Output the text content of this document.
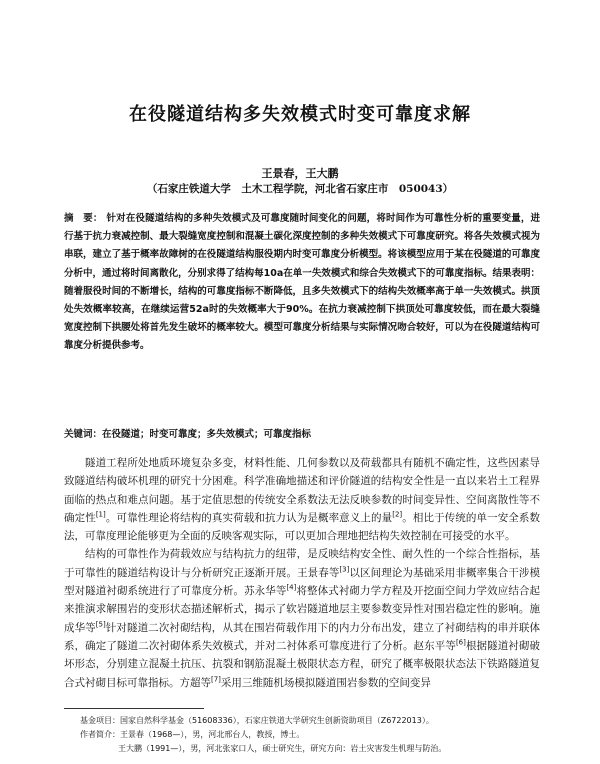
在役隧道结构多失效模式时变可靠度求解
王景春，王大鹏
（石家庄铁道大学　土木工程学院，河北省石家庄市　050043）
摘　要： 针对在役隧道结构的多种失效模式及可靠度随时间变化的问题，将时间作为可靠性分析的重要变量，进行基于抗力衰减控制、最大裂缝宽度控制和混凝土碳化深度控制的多种失效模式下可靠度研究。将各失效模式视为串联，建立了基于概率故障树的在役隧道结构服役期内时变可靠度分析模型。将该模型应用于某在役隧道的可靠度分析中，通过将时间离散化，分别求得了结构每10a在单一失效模式和综合失效模式下的可靠度指标。结果表明：随着服役时间的不断增长，结构的可靠度指标不断降低，且多失效模式下的结构失效概率高于单一失效模式。拱顶处失效概率较高，在继续运营52a时的失效概率大于90%。在抗力衰减控制下拱顶处可靠度较低，而在最大裂缝宽度控制下拱腰处将首先发生破坏的概率较大。模型可靠度分析结果与实际情况吻合较好，可以为在役隧道结构可靠度分析提供参考。
关键词：在役隧道；时变可靠度；多失效模式；可靠度指标

隧道工程所处地质环境复杂多变，材料性能、几何参数以及荷载都具有随机不确定性，这些因素导致隧道结构破坏机理的研究十分困难。科学准确地描述和评价隧道的结构安全性是一直以来岩土工程界面临的热点和难点问题。基于定值思想的传统安全系数法无法反映参数的时间变异性、空间离散性等不确定性[1]。可靠性理论将结构的真实荷载和抗力认为是概率意义上的量[2]。相比于传统的单一安全系数法，可靠度理论能够更为全面的反映客观实际，可以更加合理地把结构失效控制在可接受的水平。

结构的可靠性作为荷载效应与结构抗力的纽带，是反映结构安全性、耐久性的一个综合性指标，基于可靠性的隧道结构设计与分析研究正逐渐开展。王景春等[3]以区间理论为基础采用非概率集合干涉模型对隧道衬砌系统进行了可靠度分析。苏永华等[4]将整体式衬砌力学方程及开挖面空间力学效应结合起来推演求解围岩的变形状态描述解析式，揭示了软岩隧道地层主要参数变异性对围岩稳定性的影响。施成华等[5]针对隧道二次衬砌结构，从其在围岩荷载作用下的内力分布出发，建立了衬砌结构的串并联体系，确定了隧道二次衬砌体系失效模式，并对二衬体系可靠度进行了分析。赵东平等[6]根据隧道衬砌破坏形态，分别建立混凝土抗压、抗裂和钢筋混凝土极限状态方程，研究了概率极限状态法下铁路隧道复合式衬砌目标可靠指标。方超等[7]采用三维随机场模拟隧道围岩参数的空间变异

基金项目：国家自然科学基金（51608336），石家庄铁道大学研究生创新资助项目（Z6722013）。
作者简介：王景春（1968—），男，河北邢台人，教授，博士。
王大鹏（1991—），男，河北张家口人，硕士研究生，研究方向：岩土灾害发生机理与防治。
